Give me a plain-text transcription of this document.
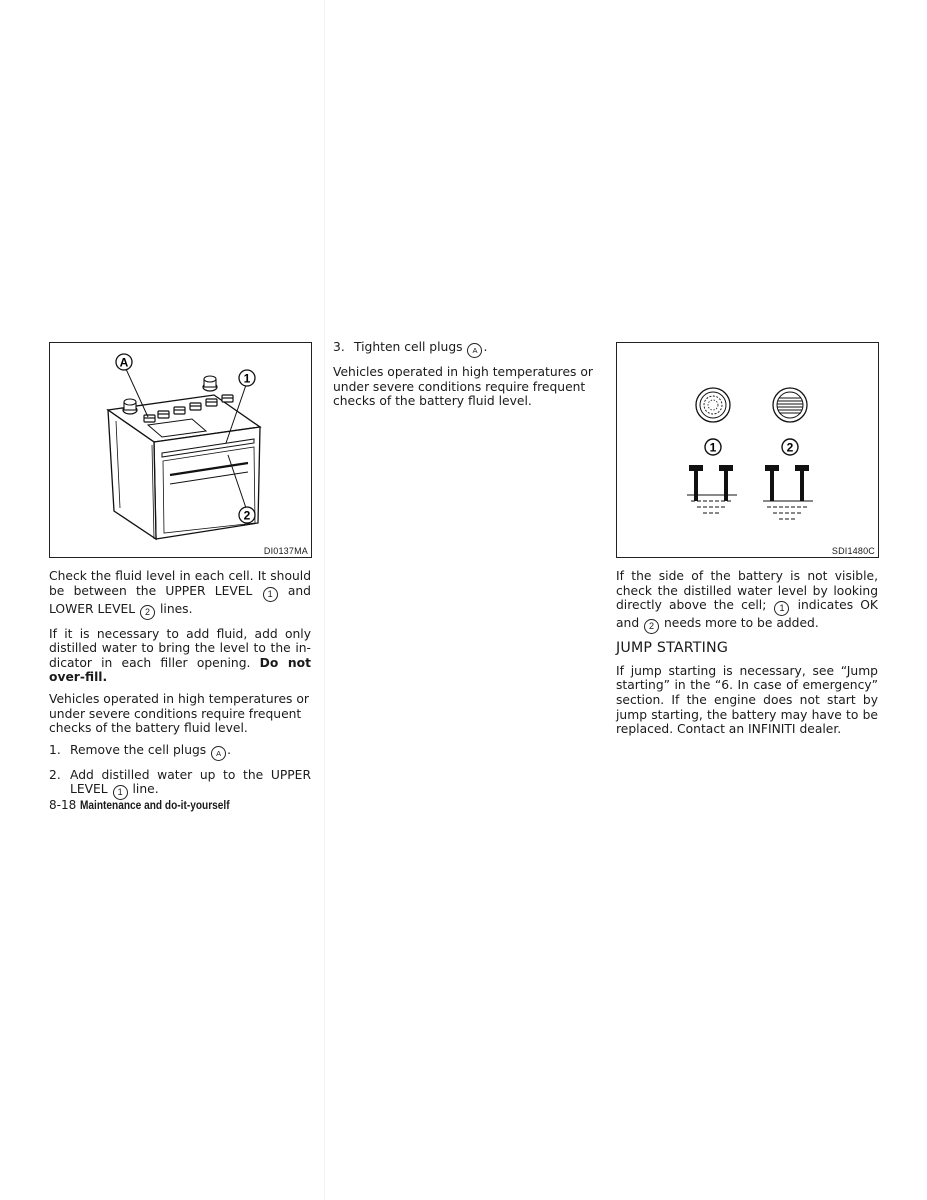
A
1
2
DI0137MA
1	2
SDI1480C

Check the fluid level in each cell. It should be between the UPPER LEVEL 1 and LOWER LEVEL 2 lines.

If it is necessary to add fluid, add only distilled water to bring the level to the in-dicator in each filler opening. Do not over-fill.

Vehicles operated in high temperatures or under severe conditions require frequent checks of the battery fluid level.

1. Remove the cell plugs A .
2. Add distilled water up to the UPPER LEVEL 1 line.
3. Tighten cell plugs A .

Vehicles operated in high temperatures or under severe conditions require frequent checks of the battery fluid level.

If the side of the battery is not visible, check the distilled water level by looking directly above the cell; 1 indicates OK and 2 needs more to be added.

JUMP STARTING

If jump starting is necessary, see “Jump starting” in the “6. In case of emergency” section. If the engine does not start by jump starting, the battery may have to be replaced. Contact an INFINITI dealer.

8-18 Maintenance and do-it-yourself
